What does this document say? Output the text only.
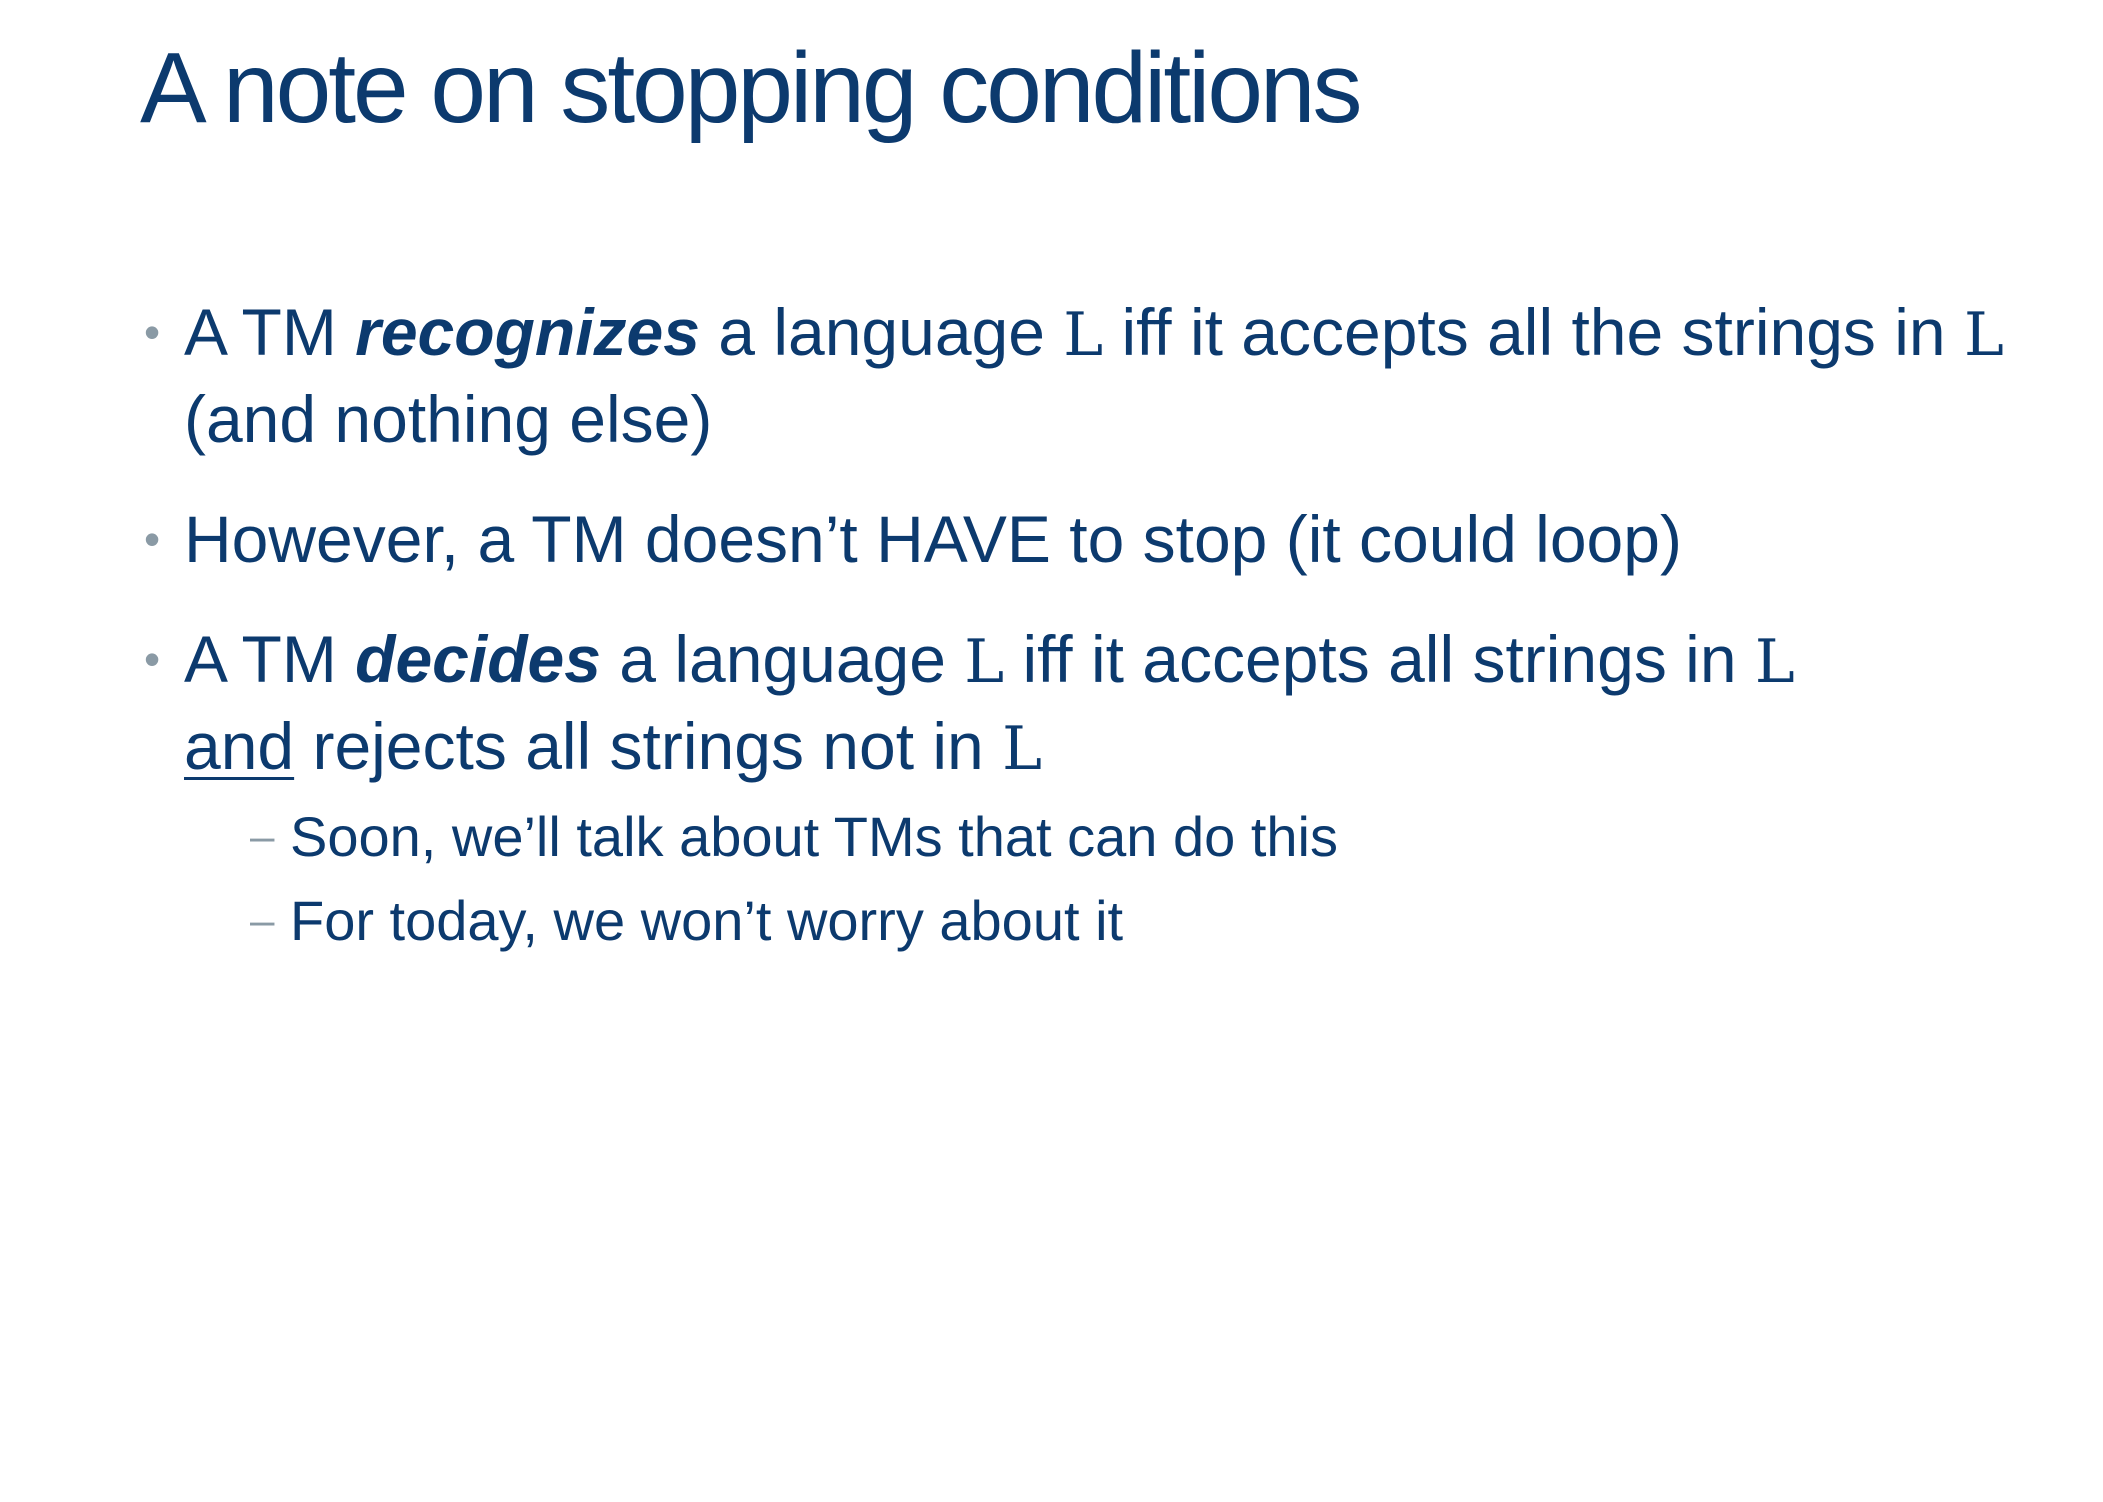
A note on stopping conditions
• A TM recognizes a language L iff it accepts all the strings in L (and nothing else)
• However, a TM doesn’t HAVE to stop (it could loop)
• A TM decides a language L iff it accepts all strings in L
and rejects all strings not in L
– Soon, we’ll talk about TMs that can do this
– For today, we won’t worry about it
